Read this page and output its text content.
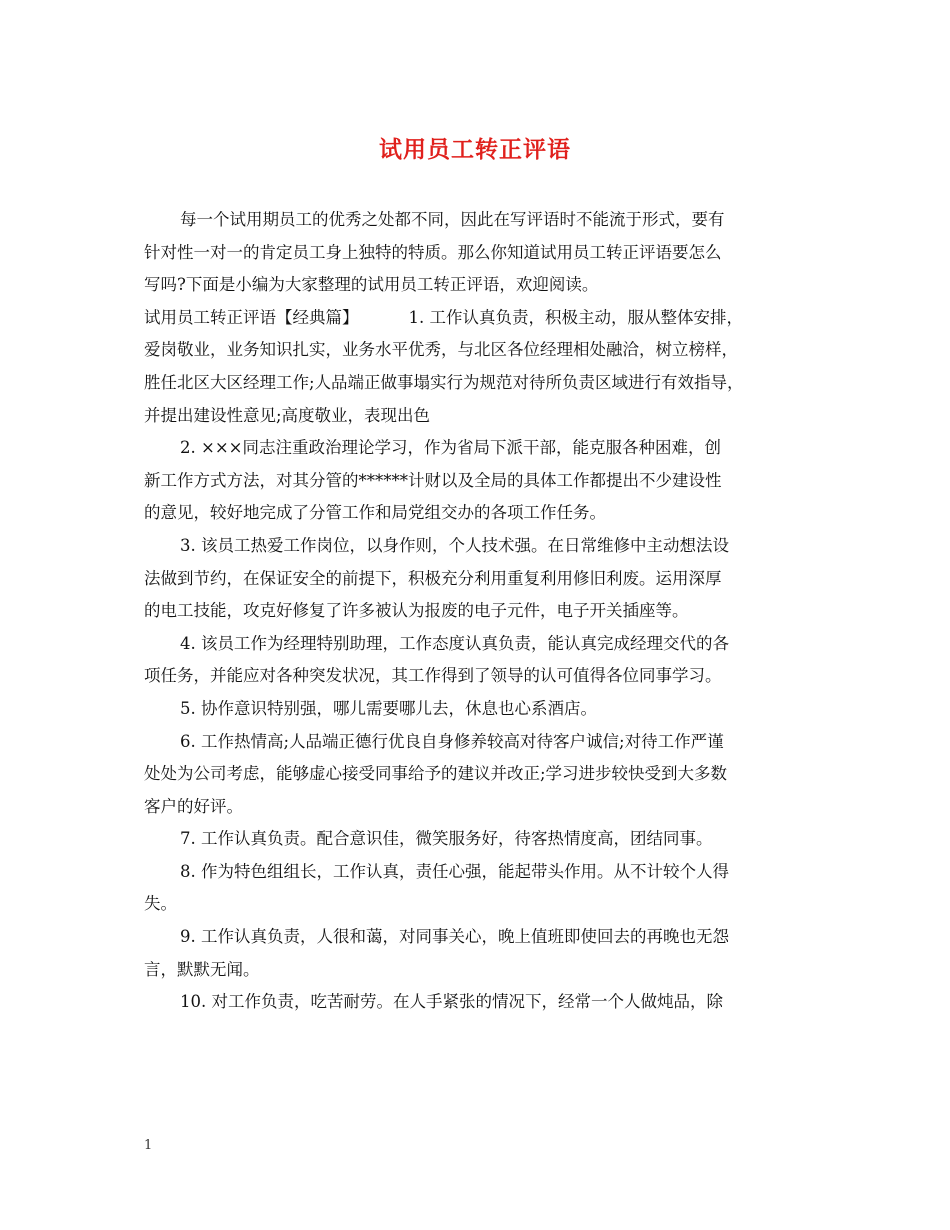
试用员工转正评语
每一个试用期员工的优秀之处都不同，因此在写评语时不能流于形式，要有
针对性一对一的肯定员工身上独特的特质。那么你知道试用员工转正评语要怎么
写吗?下面是小编为大家整理的试用员工转正评语，欢迎阅读。
试用员工转正评语【经典篇】	1. 工作认真负责，积极主动，服从整体安排，
爱岗敬业，业务知识扎实，业务水平优秀，与北区各位经理相处融洽，树立榜样，
胜任北区大区经理工作;人品端正做事塌实行为规范对待所负责区域进行有效指导，
并提出建设性意见;高度敬业，表现出色
2. ×××同志注重政治理论学习，作为省局下派干部，能克服各种困难，创
新工作方式方法，对其分管的******计财以及全局的具体工作都提出不少建设性
的意见，较好地完成了分管工作和局党组交办的各项工作任务。
3. 该员工热爱工作岗位，以身作则，个人技术强。在日常维修中主动想法设
法做到节约，在保证安全的前提下，积极充分利用重复利用修旧利废。运用深厚
的电工技能，攻克好修复了许多被认为报废的电子元件，电子开关插座等。
4. 该员工作为经理特别助理，工作态度认真负责，能认真完成经理交代的各
项任务，并能应对各种突发状况，其工作得到了领导的认可值得各位同事学习。
5. 协作意识特别强，哪儿需要哪儿去，休息也心系酒店。
6. 工作热情高;人品端正德行优良自身修养较高对待客户诚信;对待工作严谨
处处为公司考虑，能够虚心接受同事给予的建议并改正;学习进步较快受到大多数
客户的好评。
7. 工作认真负责。配合意识佳，微笑服务好，待客热情度高，团结同事。
8. 作为特色组组长，工作认真，责任心强，能起带头作用。从不计较个人得
失。
9. 工作认真负责，人很和蔼，对同事关心，晚上值班即使回去的再晚也无怨
言，默默无闻。
10. 对工作负责，吃苦耐劳。在人手紧张的情况下，经常一个人做炖品，除
1
